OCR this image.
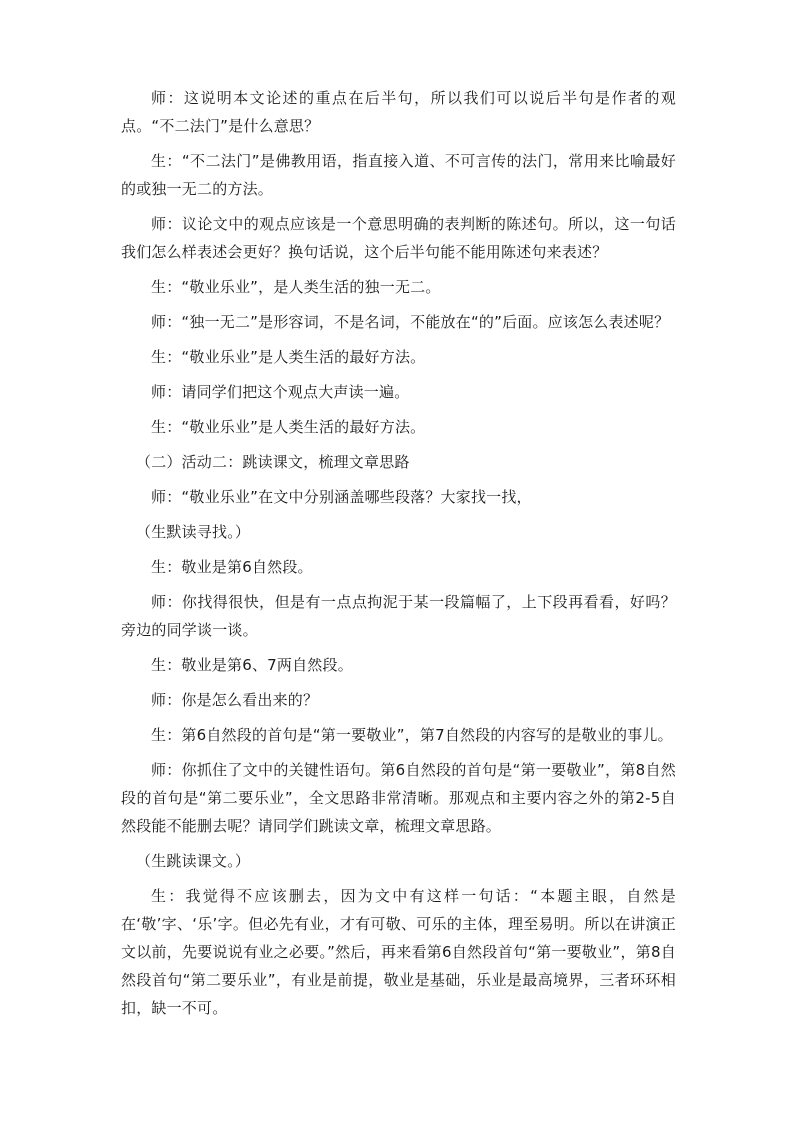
师：这说明本文论述的重点在后半句，所以我们可以说后半句是作者的观点。“不二法门”是什么意思？

生：“不二法门”是佛教用语，指直接入道、不可言传的法门，常用来比喻最好的或独一无二的方法。

师：议论文中的观点应该是一个意思明确的表判断的陈述句。所以，这一句话我们怎么样表述会更好？换句话说，这个后半句能不能用陈述句来表述？

生：“敬业乐业”，是人类生活的独一无二。

师：“独一无二”是形容词，不是名词，不能放在“的”后面。应该怎么表述呢？

生：“敬业乐业”是人类生活的最好方法。

师：请同学们把这个观点大声读一遍。

生：“敬业乐业”是人类生活的最好方法。

（二）活动二：跳读课文，梳理文章思路

师：“敬业乐业”在文中分别涵盖哪些段落？大家找一找，

（生默读寻找。）

生：敬业是第6自然段。

师：你找得很快，但是有一点点拘泥于某一段篇幅了，上下段再看看，好吗？旁边的同学谈一谈。

生：敬业是第6、7两自然段。

师：你是怎么看出来的？

生：第6自然段的首句是“第一要敬业”，第7自然段的内容写的是敬业的事儿。

师：你抓住了文中的关键性语句。第6自然段的首句是“第一要敬业”，第8自然段的首句是“第二要乐业”，全文思路非常清晰。那观点和主要内容之外的第2-5自然段能不能删去呢？请同学们跳读文章，梳理文章思路。

（生跳读课文。）

生：我觉得不应该删去，因为文中有这样一句话：“本题主眼，自然是在‘敬’字、‘乐’字。但必先有业，才有可敬、可乐的主体，理至易明。所以在讲演正文以前，先要说说有业之必要。”然后，再来看第6自然段首句“第一要敬业”，第8自然段首句“第二要乐业”，有业是前提，敬业是基础，乐业是最高境界，三者环环相扣，缺一不可。
